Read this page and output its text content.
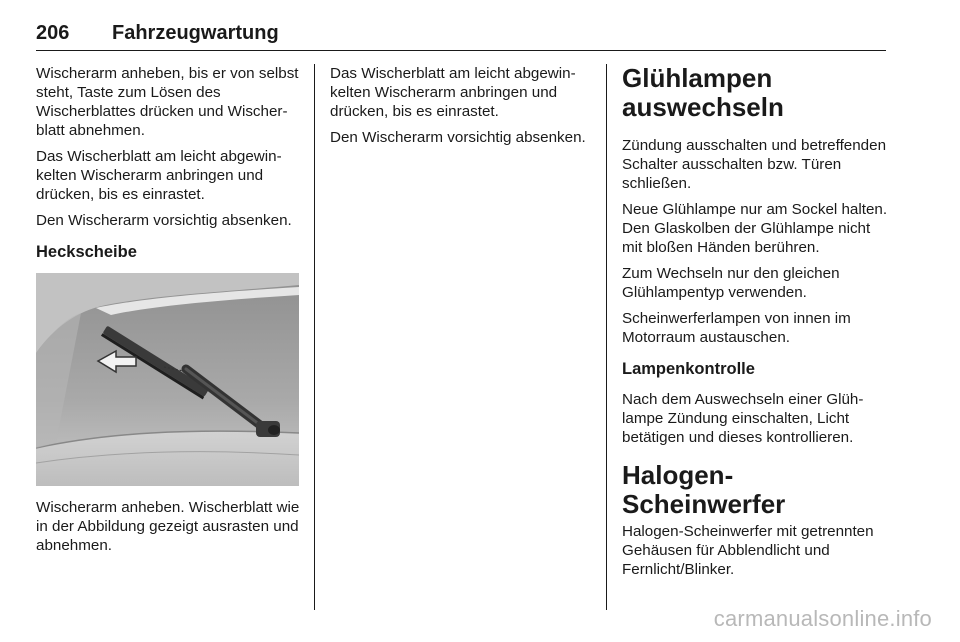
206 Fahrzeugwartung

Wischerarm anheben, bis er von selbst steht, Taste zum Lösen des Wischerblattes drücken und Wischerblatt abnehmen.

Das Wischerblatt am leicht abgewinkelten Wischerarm anbringen und drücken, bis es einrastet.

Den Wischerarm vorsichtig absenken.

Heckscheibe

Wischerarm anheben. Wischerblatt wie in der Abbildung gezeigt ausrasten und abnehmen.

Das Wischerblatt am leicht abgewinkelten Wischerarm anbringen und drücken, bis es einrastet.

Den Wischerarm vorsichtig absenken.

Glühlampen auswechseln

Zündung ausschalten und betreffenden Schalter ausschalten bzw. Türen schließen.

Neue Glühlampe nur am Sockel halten. Den Glaskolben der Glühlampe nicht mit bloßen Händen berühren.

Zum Wechseln nur den gleichen Glühlampentyp verwenden.

Scheinwerferlampen von innen im Motorraum austauschen.

Lampenkontrolle

Nach dem Auswechseln einer Glühlampe Zündung einschalten, Licht betätigen und dieses kontrollieren.

Halogen-Scheinwerfer

Halogen-Scheinwerfer mit getrennten Gehäusen für Abblendlicht und Fernlicht/Blinker.

carmanualsonline.info
